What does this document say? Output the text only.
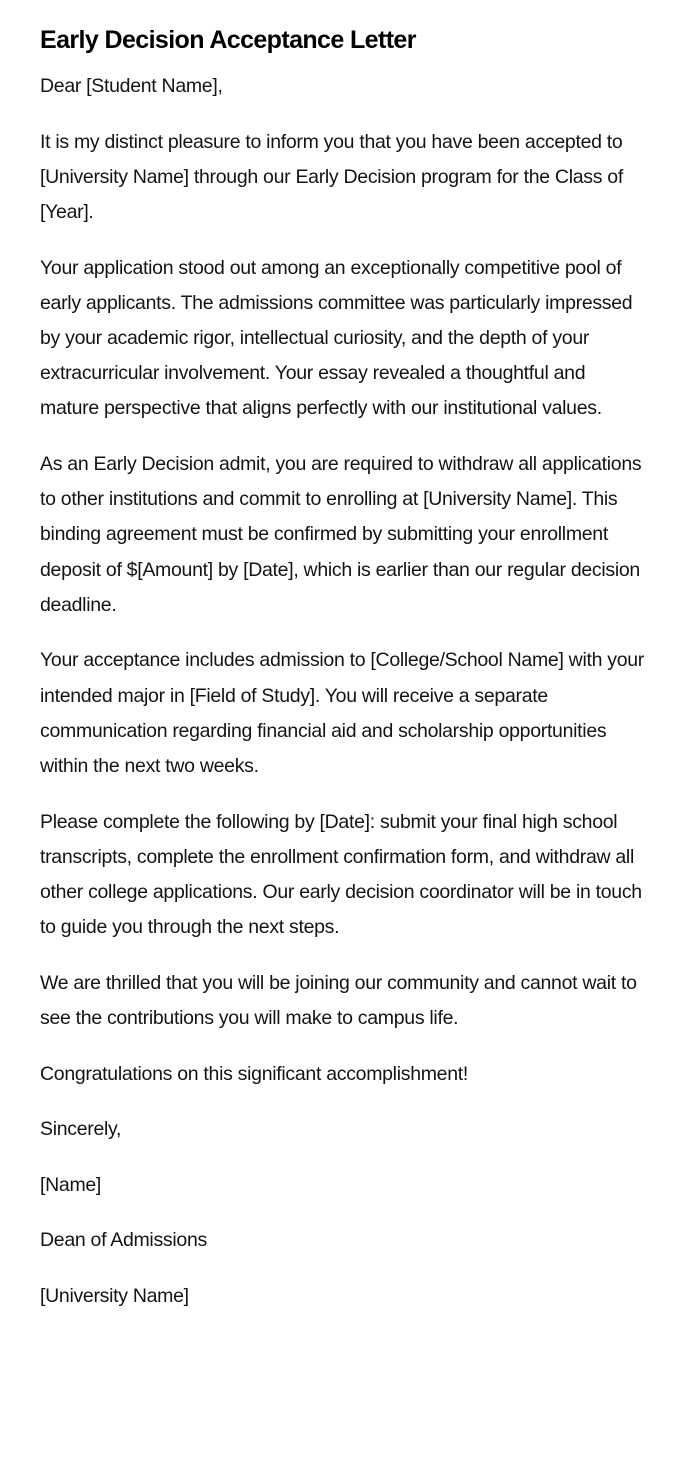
Early Decision Acceptance Letter

Dear [Student Name],

It is my distinct pleasure to inform you that you have been accepted to [University Name] through our Early Decision program for the Class of [Year].

Your application stood out among an exceptionally competitive pool of early applicants. The admissions committee was particularly impressed by your academic rigor, intellectual curiosity, and the depth of your extracurricular involvement. Your essay revealed a thoughtful and mature perspective that aligns perfectly with our institutional values.

As an Early Decision admit, you are required to withdraw all applications to other institutions and commit to enrolling at [University Name]. This binding agreement must be confirmed by submitting your enrollment deposit of $[Amount] by [Date], which is earlier than our regular decision deadline.

Your acceptance includes admission to [College/School Name] with your intended major in [Field of Study]. You will receive a separate communication regarding financial aid and scholarship opportunities within the next two weeks.

Please complete the following by [Date]: submit your final high school transcripts, complete the enrollment confirmation form, and withdraw all other college applications. Our early decision coordinator will be in touch to guide you through the next steps.

We are thrilled that you will be joining our community and cannot wait to see the contributions you will make to campus life.

Congratulations on this significant accomplishment!

Sincerely,

[Name]

Dean of Admissions

[University Name]
